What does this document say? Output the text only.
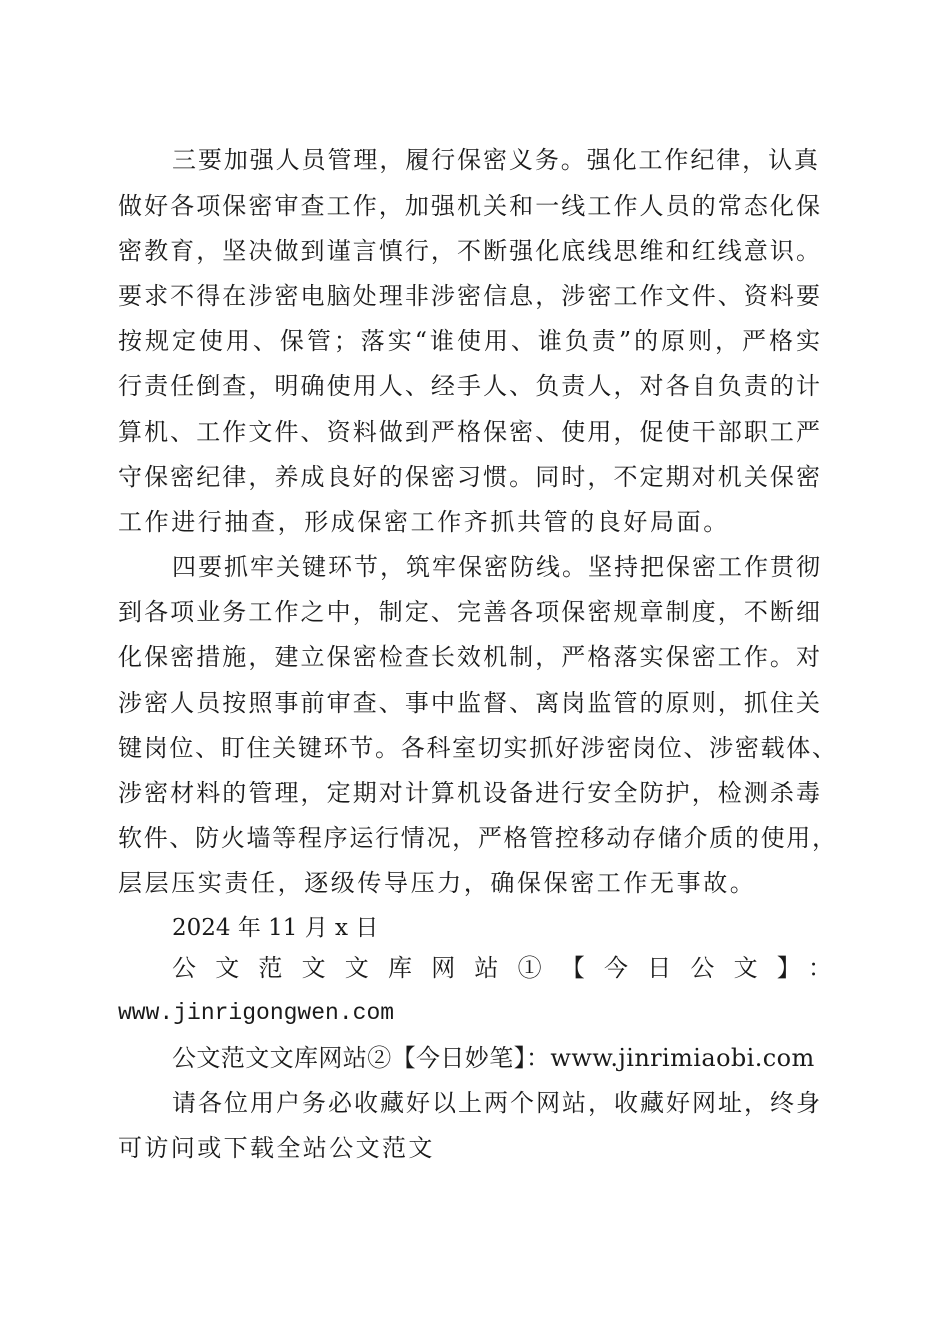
三要加强人员管理，履行保密义务。强化工作纪律，认真
做好各项保密审查工作，加强机关和一线工作人员的常态化保
密教育，坚决做到谨言慎行，不断强化底线思维和红线意识。
要求不得在涉密电脑处理非涉密信息，涉密工作文件、资料要
按规定使用、保管；落实“谁使用、谁负责”的原则，严格实
行责任倒查，明确使用人、经手人、负责人，对各自负责的计
算机、工作文件、资料做到严格保密、使用，促使干部职工严
守保密纪律，养成良好的保密习惯。同时，不定期对机关保密
工作进行抽查，形成保密工作齐抓共管的良好局面。
四要抓牢关键环节，筑牢保密防线。坚持把保密工作贯彻
到各项业务工作之中，制定、完善各项保密规章制度，不断细
化保密措施，建立保密检查长效机制，严格落实保密工作。对
涉密人员按照事前审查、事中监督、离岗监管的原则，抓住关
键岗位、盯住关键环节。各科室切实抓好涉密岗位、涉密载体、
涉密材料的管理，定期对计算机设备进行安全防护，检测杀毒
软件、防火墙等程序运行情况，严格管控移动存储介质的使用，
层层压实责任，逐级传导压力，确保保密工作无事故。
2024 年 11 月 x 日
公文范文文库网站①【今日公文】：
www.jinrigongwen.com
公文范文文库网站②【今日妙笔】：www.jinrimiaobi.com
请各位用户务必收藏好以上两个网站，收藏好网址，终身
可访问或下载全站公文范文
